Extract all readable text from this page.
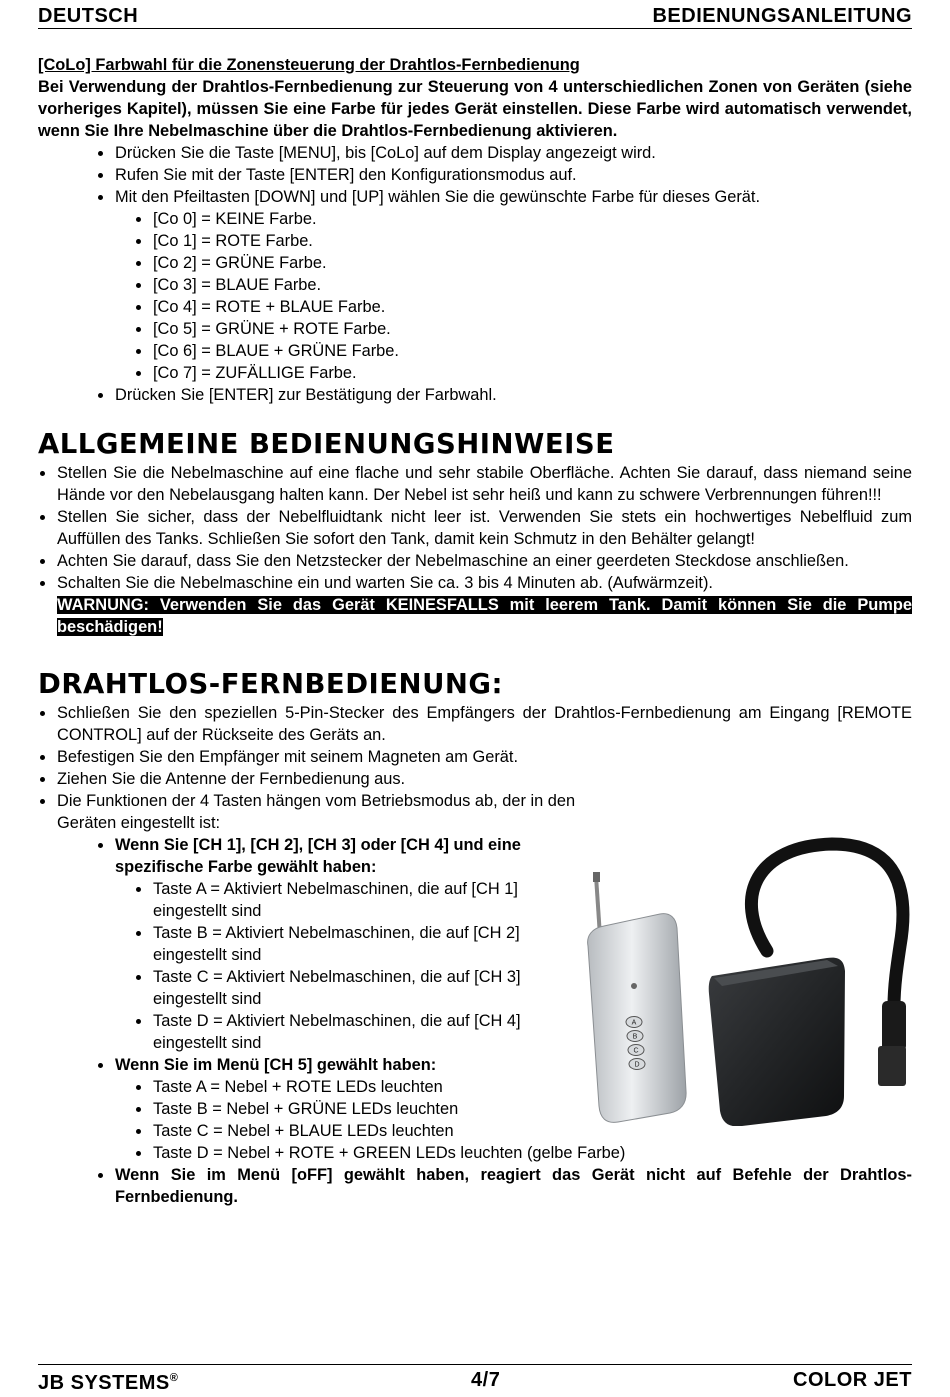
DEUTSCH	BEDIENUNGSANLEITUNG
[CoLo] Farbwahl für die Zonensteuerung der Drahtlos-Fernbedienung
Bei Verwendung der Drahtlos-Fernbedienung zur Steuerung von 4 unterschiedlichen Zonen von Geräten (siehe vorheriges Kapitel), müssen Sie eine Farbe für jedes Gerät einstellen. Diese Farbe wird automatisch verwendet, wenn Sie Ihre Nebelmaschine über die Drahtlos-Fernbedienung aktivieren.
Drücken Sie die Taste [MENU], bis [CoLo] auf dem Display angezeigt wird.
Rufen Sie mit der Taste [ENTER] den Konfigurationsmodus auf.
Mit den Pfeiltasten [DOWN] und [UP] wählen Sie die gewünschte Farbe für dieses Gerät.
[Co 0] = KEINE Farbe.
[Co 1] = ROTE Farbe.
[Co 2] = GRÜNE Farbe.
[Co 3] = BLAUE Farbe.
[Co 4] = ROTE + BLAUE Farbe.
[Co 5] = GRÜNE + ROTE Farbe.
[Co 6] = BLAUE + GRÜNE Farbe.
[Co 7] = ZUFÄLLIGE Farbe.
Drücken Sie [ENTER] zur Bestätigung der Farbwahl.
ALLGEMEINE BEDIENUNGSHINWEISE
Stellen Sie die Nebelmaschine auf eine flache und sehr stabile Oberfläche. Achten Sie darauf, dass niemand seine Hände vor den Nebelausgang halten kann. Der Nebel ist sehr heiß und kann zu schwere Verbrennungen führen!!!
Stellen Sie sicher, dass der Nebelfluidtank nicht leer ist. Verwenden Sie stets ein hochwertiges Nebelfluid zum Auffüllen des Tanks. Schließen Sie sofort den Tank, damit kein Schmutz in den Behälter gelangt!
Achten Sie darauf, dass Sie den Netzstecker der Nebelmaschine an einer geerdeten Steckdose anschließen.
Schalten Sie die Nebelmaschine ein und warten Sie ca. 3 bis 4 Minuten ab. (Aufwärmzeit).
WARNUNG: Verwenden Sie das Gerät KEINESFALLS mit leerem Tank. Damit können Sie die Pumpe beschädigen!
DRAHTLOS-FERNBEDIENUNG:
Schließen Sie den speziellen 5-Pin-Stecker des Empfängers der Drahtlos-Fernbedienung am Eingang [REMOTE CONTROL] auf der Rückseite des Geräts an.
Befestigen Sie den Empfänger mit seinem Magneten am Gerät.
Ziehen Sie die Antenne der Fernbedienung aus.
Die Funktionen der 4 Tasten hängen vom Betriebsmodus ab, der in den Geräten eingestellt ist:
Wenn Sie [CH 1], [CH 2], [CH 3] oder [CH 4] und eine spezifische Farbe gewählt haben:
Taste A = Aktiviert Nebelmaschinen, die auf [CH 1] eingestellt sind
Taste B = Aktiviert Nebelmaschinen, die auf [CH 2] eingestellt sind
Taste C = Aktiviert Nebelmaschinen, die auf [CH 3] eingestellt sind
Taste D = Aktiviert Nebelmaschinen, die auf [CH 4] eingestellt sind
Wenn Sie im Menü [CH 5] gewählt haben:
Taste A = Nebel + ROTE LEDs leuchten
Taste B = Nebel + GRÜNE LEDs leuchten
Taste C = Nebel + BLAUE LEDs leuchten
Taste D = Nebel + ROTE + GREEN LEDs leuchten (gelbe Farbe)
Wenn Sie im Menü [oFF] gewählt haben, reagiert das Gerät nicht auf Befehle der Drahtlos-Fernbedienung.
A
B
C
D
JB SYSTEMS®	4/7	COLOR JET
